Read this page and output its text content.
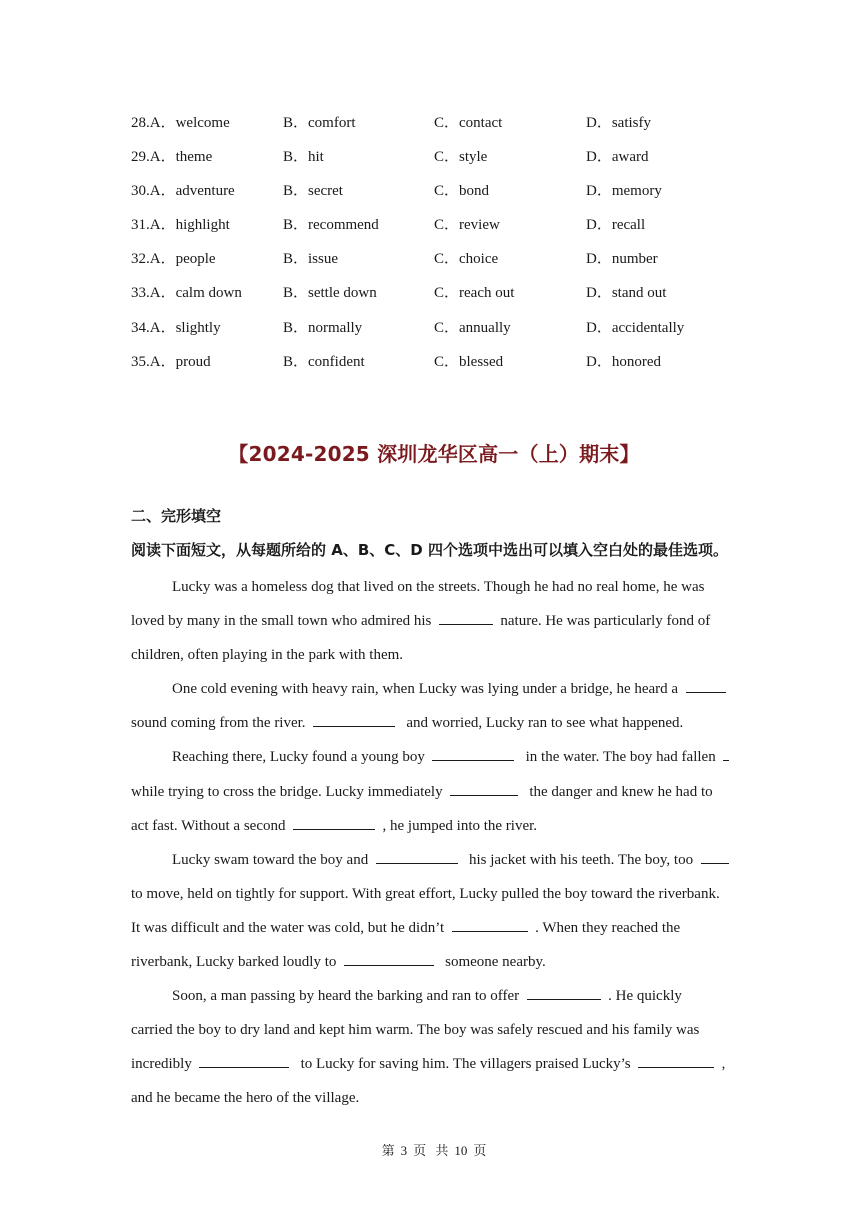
28.A．welcome	B．comfort	C．contact	D．satisfy
29.A．theme	B．hit	C．style	D．award
30.A．adventure	B．secret	C．bond	D．memory
31.A．highlight	B．recommend	C．review	D．recall
32.A．people	B．issue	C．choice	D．number
33.A．calm down	B．settle down	C．reach out	D．stand out
34.A．slightly	B．normally	C．annually	D．accidentally
35.A．proud	B．confident	C．blessed	D．honored
【2024-2025 深圳龙华区高一（上）期末】
二、完形填空
阅读下面短文，从每题所给的 A、B、C、D 四个选项中选出可以填入空白处的最佳选项。
Lucky was a homeless dog that lived on the streets. Though he had no real home, he was
loved by many in the small town who admired his	nature. He was particularly fond of
children, often playing in the park with them.
One cold evening with heavy rain, when Lucky was lying under a bridge, he heard a
sound coming from the river.	and worried, Lucky ran to see what happened.
Reaching there, Lucky found a young boy	in the water. The boy had fallen
while trying to cross the bridge. Lucky immediately	the danger and knew he had to
act fast. Without a second	, he jumped into the river.
Lucky swam toward the boy and	his jacket with his teeth. The boy, too
to move, held on tightly for support. With great effort, Lucky pulled the boy toward the riverbank.
It was difficult and the water was cold, but he didn’t	. When they reached the
riverbank, Lucky barked loudly to	someone nearby.
Soon, a man passing by heard the barking and ran to offer	. He quickly
carried the boy to dry land and kept him warm. The boy was safely rescued and his family was
incredibly	to Lucky for saving him. The villagers praised Lucky’s	,
and he became the hero of the village.
第 3 页 共 10 页
